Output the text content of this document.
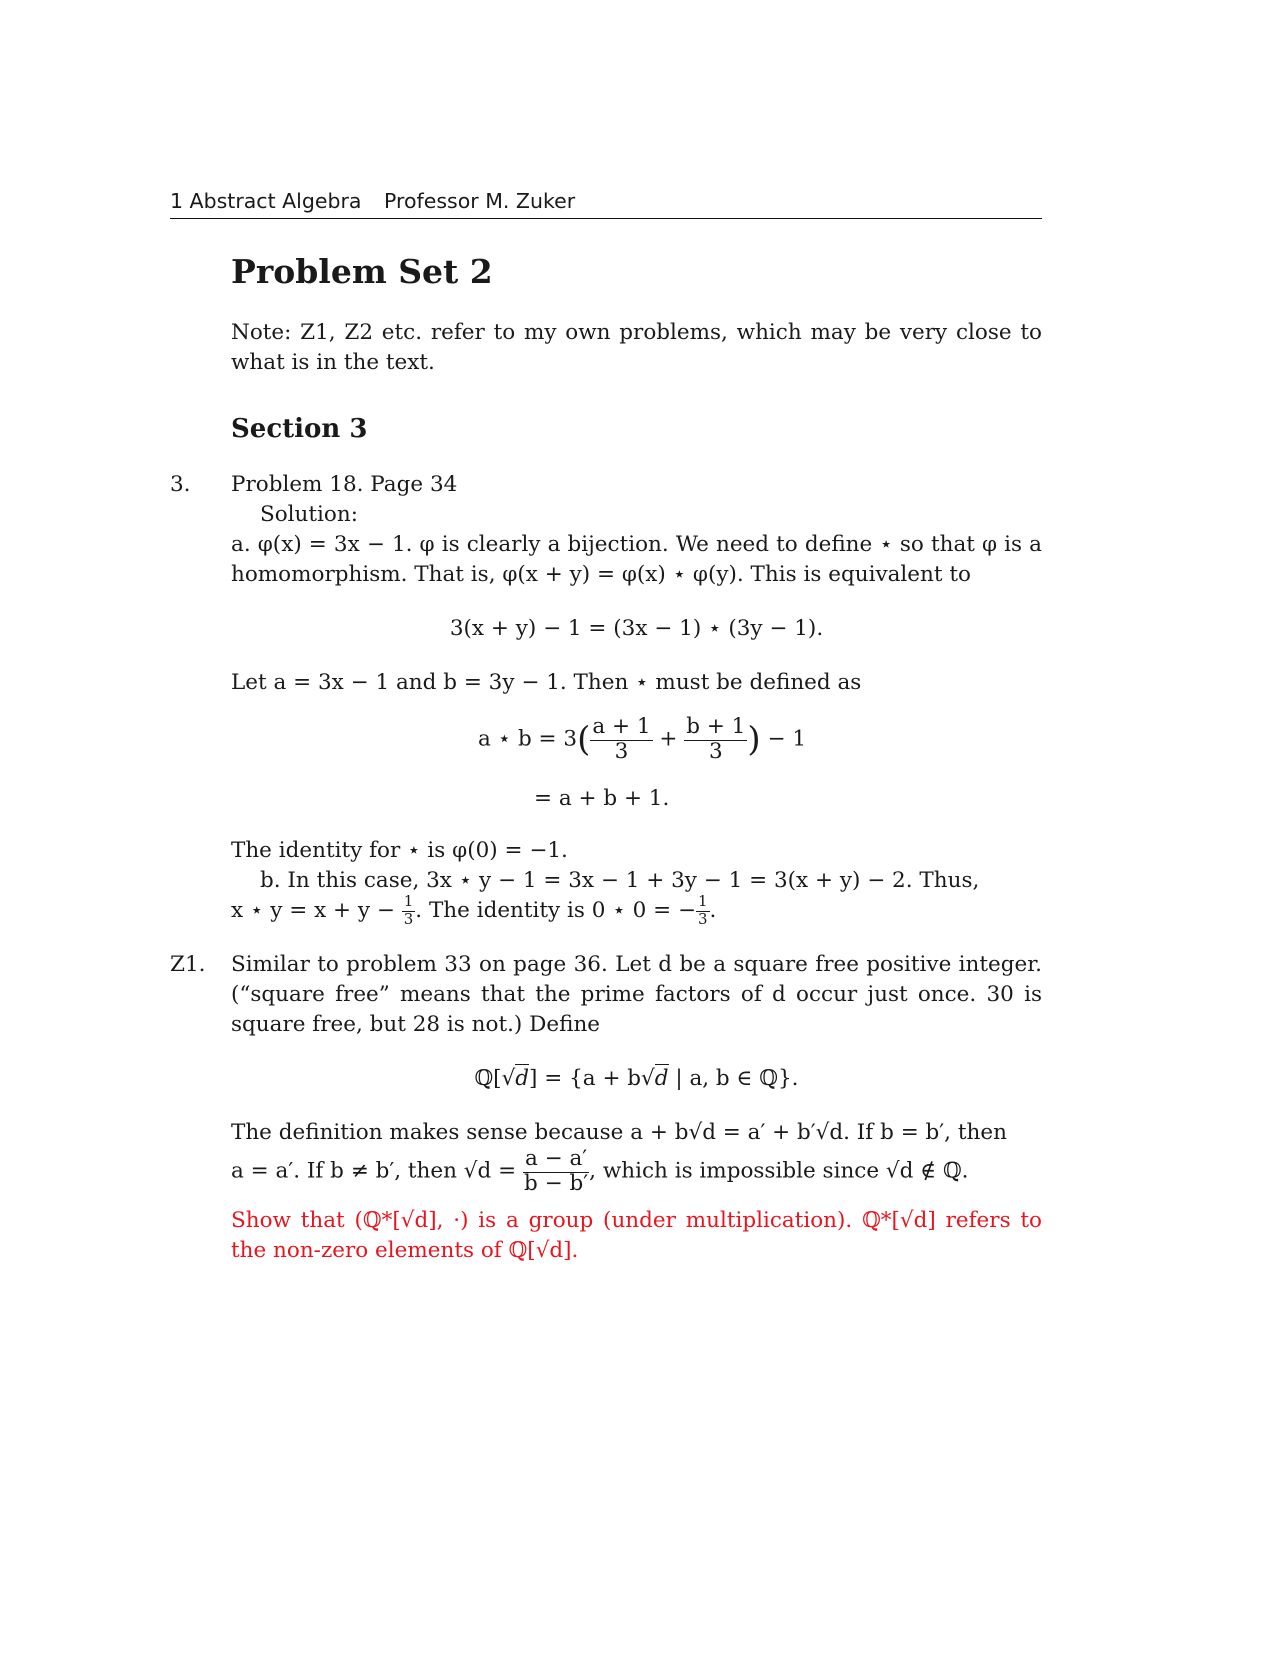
1 Abstract Algebra Professor M. Zuker
Problem Set 2
Note: Z1, Z2 etc. refer to my own problems, which may be very close to what is in the text.
Section 3
3. Problem 18. Page 34
Solution:
a. φ(x) = 3x − 1. φ is clearly a bijection. We need to define ⋆ so that φ is a homomorphism. That is, φ(x + y) = φ(x) ⋆ φ(y). This is equivalent to
3(x + y) − 1 = (3x − 1) ⋆ (3y − 1).
Let a = 3x − 1 and b = 3y − 1. Then ⋆ must be defined as
a ⋆ $b = 3( \frac{a + 1}{3} + \frac{b + 1}{3}$ ) − 1
= a + b + 1.
The identity for ⋆ is φ(0) = −1.
b. In this case, 3x ⋆ y − 1 = 3x − 1 + 3y − 1 = 3(x + y) − 2. Thus,
x ⋆ $y = x + y - \frac{1}{3}$ . The identity is 0 ⋆ 0 = − $\frac{1}{3}$ .
Z1. Similar to problem 33 on page 36. Let d be a square free positive integer. (“square free” means that the prime factors of d occur just once. 30 is square free, but 28 is not.) Define
ℚ[√d] = {a + b√d | a, b ∈ ℚ}.
The definition makes sense because a + b√d = a′ + b′√d. If b = b′, then
a = a′. If b ≠ b′, then $√d = \frac{a - a'}{b - b'}$ , which is impossible since √d ∉ ℚ.
Show that (ℚ*[√d], ·) is a group (under multiplication). ℚ*[√d] refers to the non-zero elements of ℚ[√d].
